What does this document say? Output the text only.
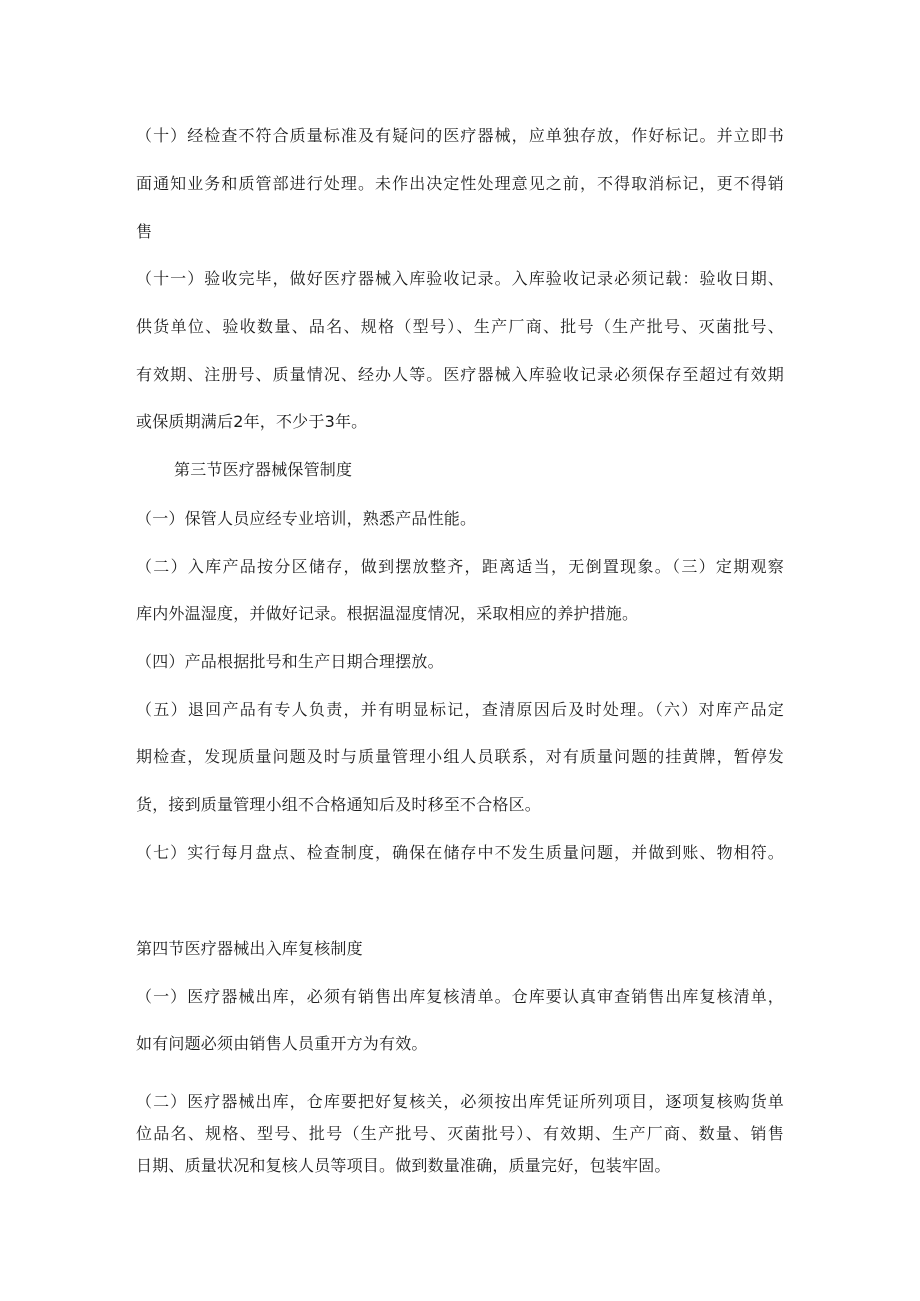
（十）经检查不符合质量标准及有疑问的医疗器械，应单独存放，作好标记。并立即书
面通知业务和质管部进行处理。未作出决定性处理意见之前，不得取消标记，更不得销
售
（十一）验收完毕，做好医疗器械入库验收记录。入库验收记录必须记载：验收日期、
供货单位、验收数量、品名、规格（型号）、生产厂商、批号（生产批号、灭菌批号、
有效期、注册号、质量情况、经办人等。医疗器械入库验收记录必须保存至超过有效期
或保质期满后2年，不少于3年。
第三节医疗器械保管制度
（一）保管人员应经专业培训，熟悉产品性能。
（二）入库产品按分区储存，做到摆放整齐，距离适当，无倒置现象。（三）定期观察
库内外温湿度，并做好记录。根据温湿度情况，采取相应的养护措施。
（四）产品根据批号和生产日期合理摆放。
（五）退回产品有专人负责，并有明显标记，查清原因后及时处理。（六）对库产品定
期检查，发现质量问题及时与质量管理小组人员联系，对有质量问题的挂黄牌，暂停发
货，接到质量管理小组不合格通知后及时移至不合格区。
（七）实行每月盘点、检查制度，确保在储存中不发生质量问题，并做到账、物相符。
第四节医疗器械出入库复核制度
（一）医疗器械出库，必须有销售出库复核清单。仓库要认真审查销售出库复核清单，
如有问题必须由销售人员重开方为有效。
（二）医疗器械出库，仓库要把好复核关，必须按出库凭证所列项目，逐项复核购货单
位品名、规格、型号、批号（生产批号、灭菌批号）、有效期、生产厂商、数量、销售
日期、质量状况和复核人员等项目。做到数量准确，质量完好，包装牢固。
